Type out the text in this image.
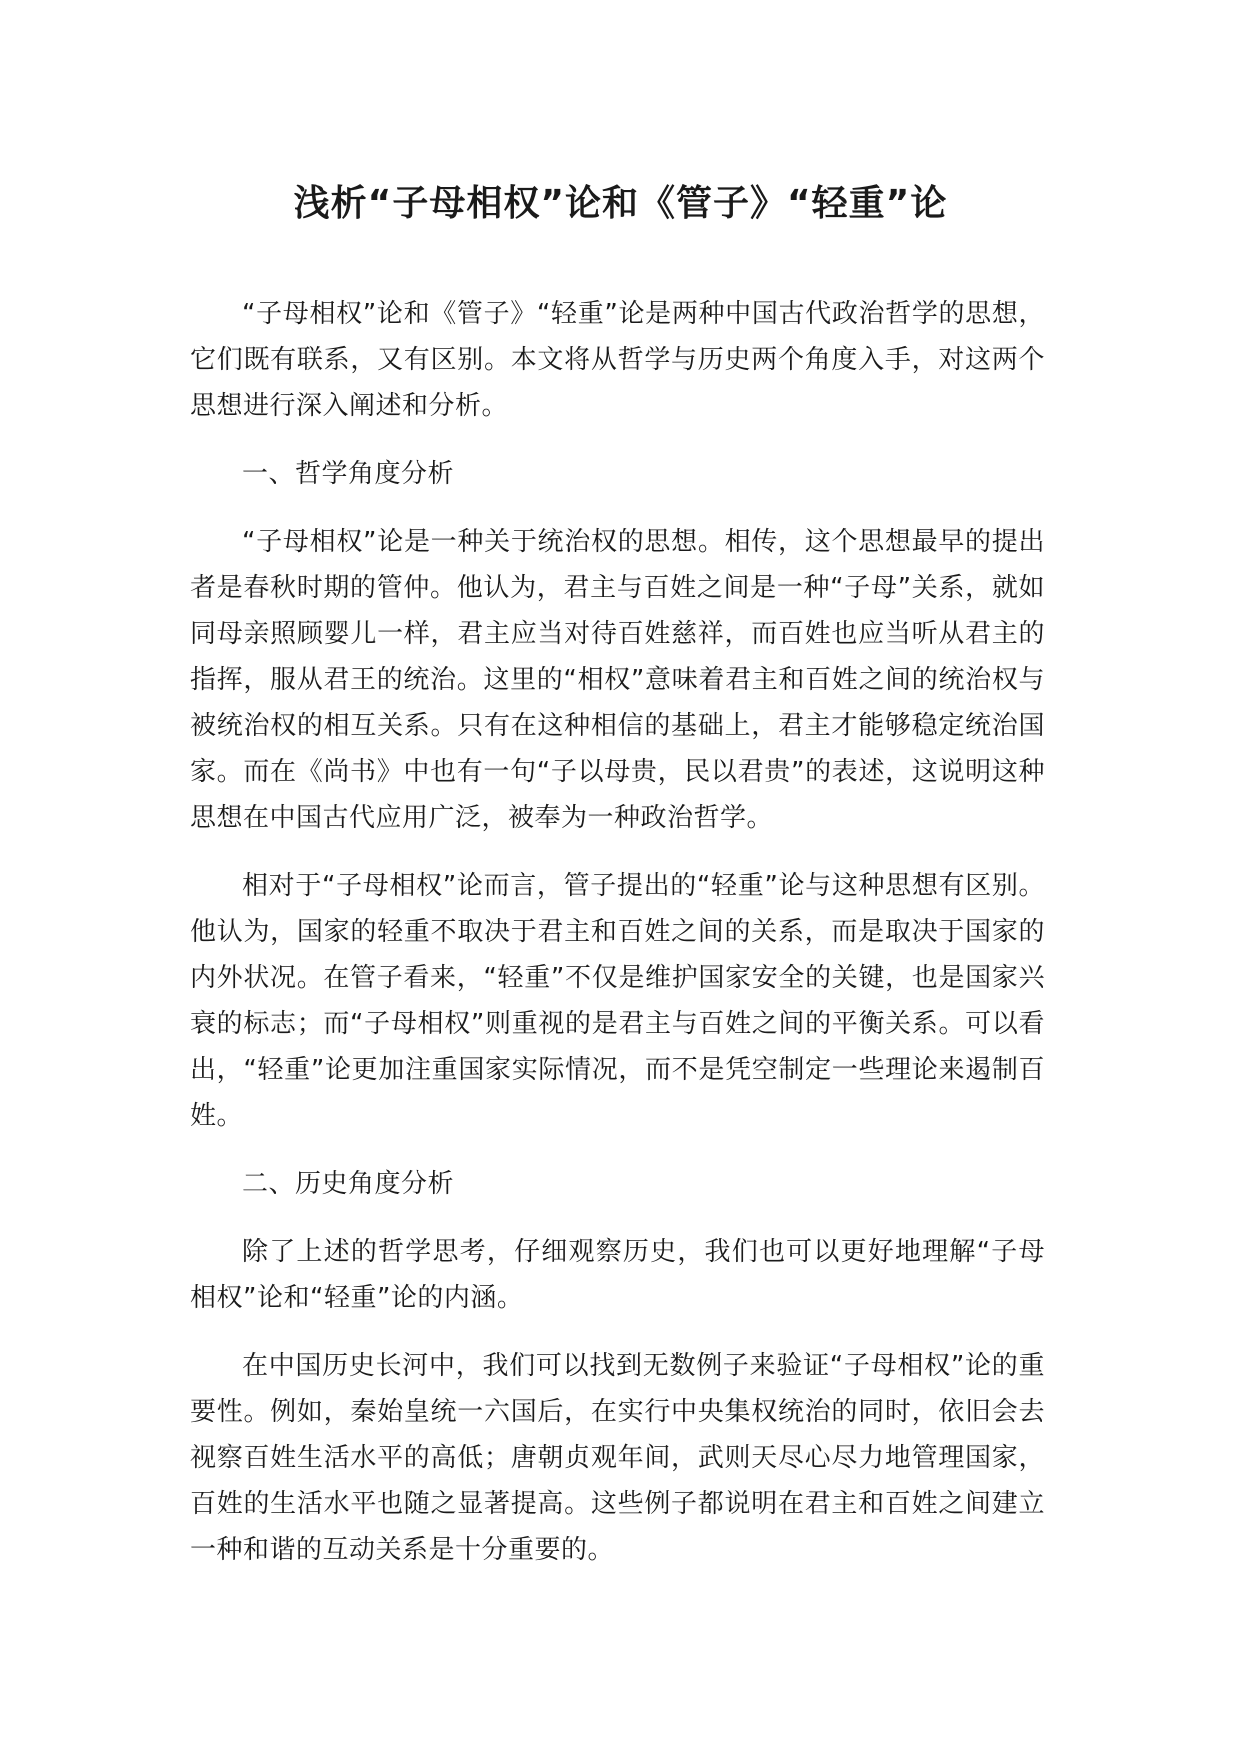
浅析“子母相权”论和《管子》“轻重”论

“子母相权”论和《管子》“轻重”论是两种中国古代政治哲学的思想，它们既有联系，又有区别。本文将从哲学与历史两个角度入手，对这两个思想进行深入阐述和分析。

一、哲学角度分析

“子母相权”论是一种关于统治权的思想。相传，这个思想最早的提出者是春秋时期的管仲。他认为，君主与百姓之间是一种“子母”关系，就如同母亲照顾婴儿一样，君主应当对待百姓慈祥，而百姓也应当听从君主的指挥，服从君王的统治。这里的“相权”意味着君主和百姓之间的统治权与被统治权的相互关系。只有在这种相信的基础上，君主才能够稳定统治国家。而在《尚书》中也有一句“子以母贵，民以君贵”的表述，这说明这种思想在中国古代应用广泛，被奉为一种政治哲学。

相对于“子母相权”论而言，管子提出的“轻重”论与这种思想有区别。他认为，国家的轻重不取决于君主和百姓之间的关系，而是取决于国家的内外状况。在管子看来，“轻重”不仅是维护国家安全的关键，也是国家兴衰的标志；而“子母相权”则重视的是君主与百姓之间的平衡关系。可以看出，“轻重”论更加注重国家实际情况，而不是凭空制定一些理论来遏制百姓。

二、历史角度分析

除了上述的哲学思考，仔细观察历史，我们也可以更好地理解“子母相权”论和“轻重”论的内涵。

在中国历史长河中，我们可以找到无数例子来验证“子母相权”论的重要性。例如，秦始皇统一六国后，在实行中央集权统治的同时，依旧会去视察百姓生活水平的高低；唐朝贞观年间，武则天尽心尽力地管理国家，百姓的生活水平也随之显著提高。这些例子都说明在君主和百姓之间建立一种和谐的互动关系是十分重要的。
